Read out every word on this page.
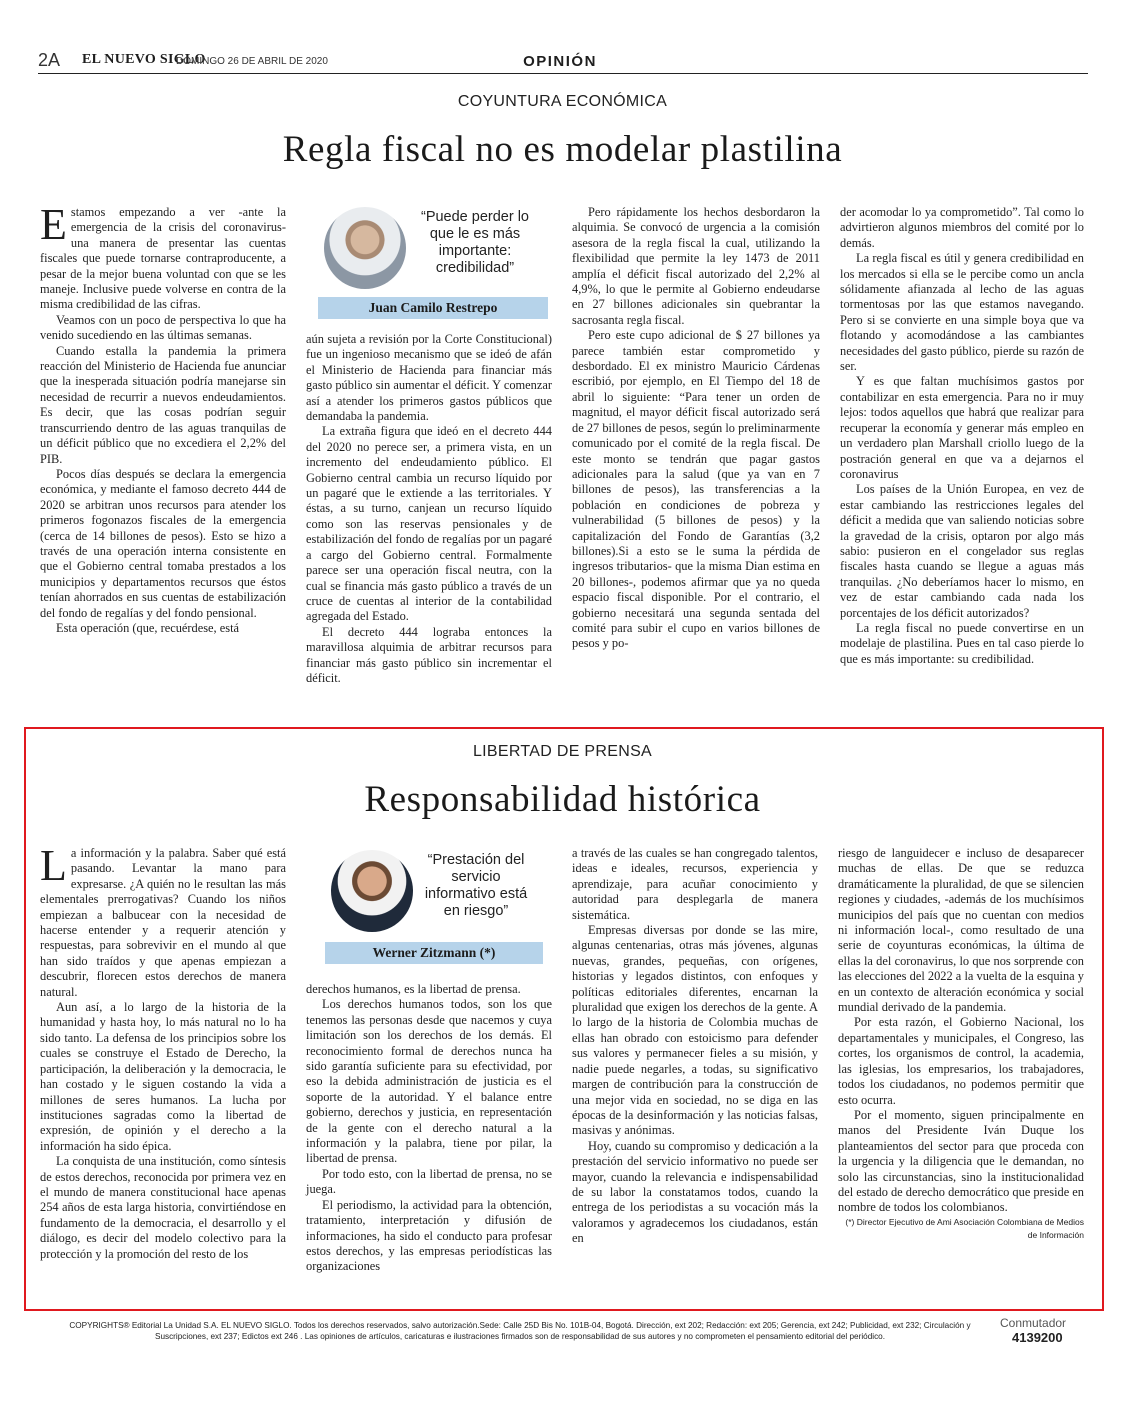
2A EL NUEVO SIGLO
DOMINGO 26 DE ABRIL DE 2020	OPINIÓN
COYUNTURA ECONÓMICA
Regla fiscal no es modelar plastilina
E stamos empezando a ver -ante la emergencia de la crisis del coronavirus- una manera de presentar las cuentas fiscales que puede tornarse contraproducente, a pesar de la mejor buena voluntad con que se les maneje. Inclusive puede volverse en contra de la misma credibilidad de las cifras.

Veamos con un poco de perspectiva lo que ha venido sucediendo en las últimas semanas.

Cuando estalla la pandemia la primera reacción del Ministerio de Hacienda fue anunciar que la inesperada situación podría manejarse sin necesidad de recurrir a nuevos endeudamientos. Es decir, que las cosas podrían seguir transcurriendo dentro de las aguas tranquilas de un déficit público que no excediera el 2,2% del PIB.

Pocos días después se declara la emergencia económica, y mediante el famoso decreto 444 de 2020 se arbitran unos recursos para atender los primeros fogonazos fiscales de la emergencia (cerca de 14 billones de pesos). Esto se hizo a través de una operación interna consistente en que el Gobierno central tomaba prestados a los municipios y departamentos recursos que éstos tenían ahorrados en sus cuentas de estabilización del fondo de regalías y del fondo pensional.

Esta operación (que, recuérdese, está

“Puede perder lo que le es más importante: credibilidad”
Juan Camilo Restrepo

aún sujeta a revisión por la Corte Constitucional) fue un ingenioso mecanismo que se ideó de afán el Ministerio de Hacienda para financiar más gasto público sin aumentar el déficit. Y comenzar así a atender los primeros gastos públicos que demandaba la pandemia.

La extraña figura que ideó en el decreto 444 del 2020 no perece ser, a primera vista, en un incremento del endeudamiento público. El Gobierno central cambia un recurso líquido por un pagaré que le extiende a las territoriales. Y éstas, a su turno, canjean un recurso líquido como son las reservas pensionales y de estabilización del fondo de regalías por un pagaré a cargo del Gobierno central. Formalmente parece ser una operación fiscal neutra, con la cual se financia más gasto público a través de un cruce de cuentas al interior de la contabilidad agregada del Estado.

El decreto 444 lograba entonces la maravillosa alquimia de arbitrar recursos para financiar más gasto público sin incrementar el déficit.

Pero rápidamente los hechos desbordaron la alquimia. Se convocó de urgencia a la comisión asesora de la regla fiscal la cual, utilizando la flexibilidad que permite la ley 1473 de 2011 amplía el déficit fiscal autorizado del 2,2% al 4,9%, lo que le permite al Gobierno endeudarse en 27 billones adicionales sin quebrantar la sacrosanta regla fiscal.

Pero este cupo adicional de $ 27 billones ya parece también estar comprometido y desbordado. El ex ministro Mauricio Cárdenas escribió, por ejemplo, en El Tiempo del 18 de abril lo siguiente: “Para tener un orden de magnitud, el mayor déficit fiscal autorizado será de 27 billones de pesos, según lo preliminarmente comunicado por el comité de la regla fiscal. De este monto se tendrán que pagar gastos adicionales para la salud (que ya van en 7 billones de pesos), las transferencias a la población en condiciones de pobreza y vulnerabilidad (5 billones de pesos) y la capitalización del Fondo de Garantías (3,2 billones).Si a esto se le suma la pérdida de ingresos tributarios- que la misma Dian estima en 20 billones-, podemos afirmar que ya no queda espacio fiscal disponible. Por el contrario, el gobierno necesitará una segunda sentada del comité para subir el cupo en varios billones de pesos y po-

der acomodar lo ya comprometido”. Tal como lo advirtieron algunos miembros del comité por lo demás.

La regla fiscal es útil y genera credibilidad en los mercados si ella se le percibe como un ancla sólidamente afianzada al lecho de las aguas tormentosas por las que estamos navegando. Pero si se convierte en una simple boya que va flotando y acomodándose a las cambiantes necesidades del gasto público, pierde su razón de ser.

Y es que faltan muchísimos gastos por contabilizar en esta emergencia. Para no ir muy lejos: todos aquellos que habrá que realizar para recuperar la economía y generar más empleo en un verdadero plan Marshall criollo luego de la postración general en que va a dejarnos el coronavirus

Los países de la Unión Europea, en vez de estar cambiando las restricciones legales del déficit a medida que van saliendo noticias sobre la gravedad de la crisis, optaron por algo más sabio: pusieron en el congelador sus reglas fiscales hasta cuando se llegue a aguas más tranquilas. ¿No deberíamos hacer lo mismo, en vez de estar cambiando cada nada los porcentajes de los déficit autorizados?

La regla fiscal no puede convertirse en un modelaje de plastilina. Pues en tal caso pierde lo que es más importante: su credibilidad.

LIBERTAD DE PRENSA
Responsabilidad histórica
L a información y la palabra. Saber qué está pasando. Levantar la mano para expresarse. ¿A quién no le resultan las más elementales prerrogativas? Cuando los niños empiezan a balbucear con la necesidad de hacerse entender y a requerir atención y respuestas, para sobrevivir en el mundo al que han sido traídos y que apenas empiezan a descubrir, florecen estos derechos de manera natural.

Aun así, a lo largo de la historia de la humanidad y hasta hoy, lo más natural no lo ha sido tanto. La defensa de los principios sobre los cuales se construye el Estado de Derecho, la participación, la deliberación y la democracia, le han costado y le siguen costando la vida a millones de seres humanos. La lucha por instituciones sagradas como la libertad de expresión, de opinión y el derecho a la información ha sido épica.

La conquista de una institución, como síntesis de estos derechos, reconocida por primera vez en el mundo de manera constitucional hace apenas 254 años de esta larga historia, convirtiéndose en fundamento de la democracia, el desarrollo y el diálogo, es decir del modelo colectivo para la protección y la promoción del resto de los

“Prestación del servicio informativo está en riesgo”
Werner Zitzmann (*)

derechos humanos, es la libertad de prensa.

Los derechos humanos todos, son los que tenemos las personas desde que nacemos y cuya limitación son los derechos de los demás. El reconocimiento formal de derechos nunca ha sido garantía suficiente para su efectividad, por eso la debida administración de justicia es el soporte de la autoridad. Y el balance entre gobierno, derechos y justicia, en representación de la gente con el derecho natural a la información y la palabra, tiene por pilar, la libertad de prensa.

Por todo esto, con la libertad de prensa, no se juega.

El periodismo, la actividad para la obtención, tratamiento, interpretación y difusión de informaciones, ha sido el conducto para profesar estos derechos, y las empresas periodísticas las organizaciones

a través de las cuales se han congregado talentos, ideas e ideales, recursos, experiencia y aprendizaje, para acuñar conocimiento y autoridad para desplegarla de manera sistemática.

Empresas diversas por donde se las mire, algunas centenarias, otras más jóvenes, algunas nuevas, grandes, pequeñas, con orígenes, historias y legados distintos, con enfoques y políticas editoriales diferentes, encarnan la pluralidad que exigen los derechos de la gente. A lo largo de la historia de Colombia muchas de ellas han obrado con estoicismo para defender sus valores y permanecer fieles a su misión, y nadie puede negarles, a todas, su significativo margen de contribución para la construcción de una mejor vida en sociedad, no se diga en las épocas de la desinformación y las noticias falsas, masivas y anónimas.

Hoy, cuando su compromiso y dedicación a la prestación del servicio informativo no puede ser mayor, cuando la relevancia e indispensabilidad de su labor la constatamos todos, cuando la entrega de los periodistas a su vocación más la valoramos y agradecemos los ciudadanos, están en

riesgo de languidecer e incluso de desaparecer muchas de ellas. De que se reduzca dramáticamente la pluralidad, de que se silencien regiones y ciudades, -además de los muchísimos municipios del país que no cuentan con medios ni información local-, como resultado de una serie de coyunturas económicas, la última de ellas la del coronavirus, lo que nos sorprende con las elecciones del 2022 a la vuelta de la esquina y en un contexto de alteración económica y social mundial derivado de la pandemia.

Por esta razón, el Gobierno Nacional, los departamentales y municipales, el Congreso, las cortes, los organismos de control, la academia, las iglesias, los empresarios, los trabajadores, todos los ciudadanos, no podemos permitir que esto ocurra.

Por el momento, siguen principalmente en manos del Presidente Iván Duque los planteamientos del sector para que proceda con la urgencia y la diligencia que le demandan, no solo las circunstancias, sino la institucionalidad del estado de derecho democrático que preside en nombre de todos los colombianos.

(*) Director Ejecutivo de Ami Asociación Colombiana de Medios de Información
COPYRIGHTS® Editorial La Unidad S.A. EL NUEVO SIGLO. Todos los derechos reservados, salvo autorización.Sede: Calle 25D Bis No. 101B-04, Bogotá. Dirección, ext 202; Redacción: ext 205; Gerencia, ext 242; Publicidad, ext 232; Circulación y Suscripciones, ext 237; Edictos ext 246 . Las opiniones de artículos, caricaturas e ilustraciones firmados son de responsabilidad de sus autores y no comprometen el pensamiento editorial del periódico.
Conmutador
4139200
